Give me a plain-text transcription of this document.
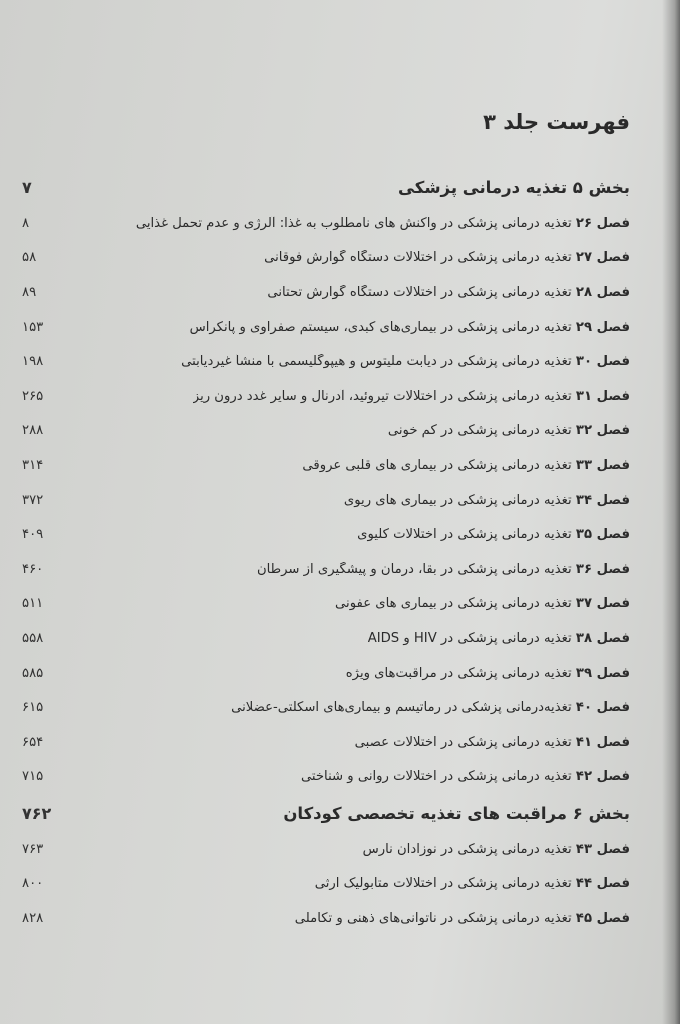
فهرست جلد ۳
بخش ۵ تغذیه درمانی پزشکی
۷
فصل ۲۶ تغذیه درمانی پزشکی در واکنش های نامطلوب به غذا: آلرژی و عدم تحمل غذایی
۸
فصل ۲۷ تغذیه درمانی پزشکی در اختلالات دستگاه گوارش فوقانی
۵۸
فصل ۲۸ تغذیه درمانی پزشکی در اختلالات دستگاه گوارش تحتانی
۸۹
فصل ۲۹ تغذیه درمانی پزشکی در بیماری‌های کبدی، سیستم صفراوی و پانکراس
۱۵۳
فصل ۳۰ تغذیه درمانی پزشکی در دیابت ملیتوس و هیپوگلیسمی با منشأ غیردیابتی
۱۹۸
فصل ۳۱ تغذیه درمانی پزشکی در اختلالات تیروئید، آدرنال و سایر غدد درون ریز
۲۶۵
فصل ۳۲ تغذیه درمانی پزشکی در کم خونی
۲۸۸
فصل ۳۳ تغذیه درمانی پزشکی در بیماری های قلبی عروقی
۳۱۴
فصل ۳۴ تغذیه درمانی پزشکی در بیماری های ریوی
۳۷۲
فصل ۳۵ تغذیه درمانی پزشکی در اختلالات کلیوی
۴۰۹
فصل ۳۶ تغذیه درمانی پزشکی در بقا، درمان و پیشگیری از سرطان
۴۶۰
فصل ۳۷ تغذیه درمانی پزشکی در بیماری های عفونی
۵۱۱
فصل ۳۸ تغذیه درمانی پزشکی در HIV و AIDS
۵۵۸
فصل ۳۹ تغذیه درمانی پزشکی در مراقبت‌های ویژه
۵۸۵
فصل ۴۰ تغذیه‌درمانی پزشکی در رماتیسم و بیماری‌های اسکلتی-عضلانی
۶۱۵
فصل ۴۱ تغذیه درمانی پزشکی در اختلالات عصبی
۶۵۴
فصل ۴۲ تغذیه درمانی پزشکی در اختلالات روانی و شناختی
۷۱۵
بخش ۶ مراقبت های تغذیه تخصصی کودکان
۷۶۲
فصل ۴۳ تغذیه درمانی پزشکی در نوزادان نارس
۷۶۳
فصل ۴۴ تغذیه درمانی پزشکی در اختلالات متابولیک ارثی
۸۰۰
فصل ۴۵ تغذیه درمانی پزشکی در ناتوانی‌های ذهنی و تکاملی
۸۲۸
